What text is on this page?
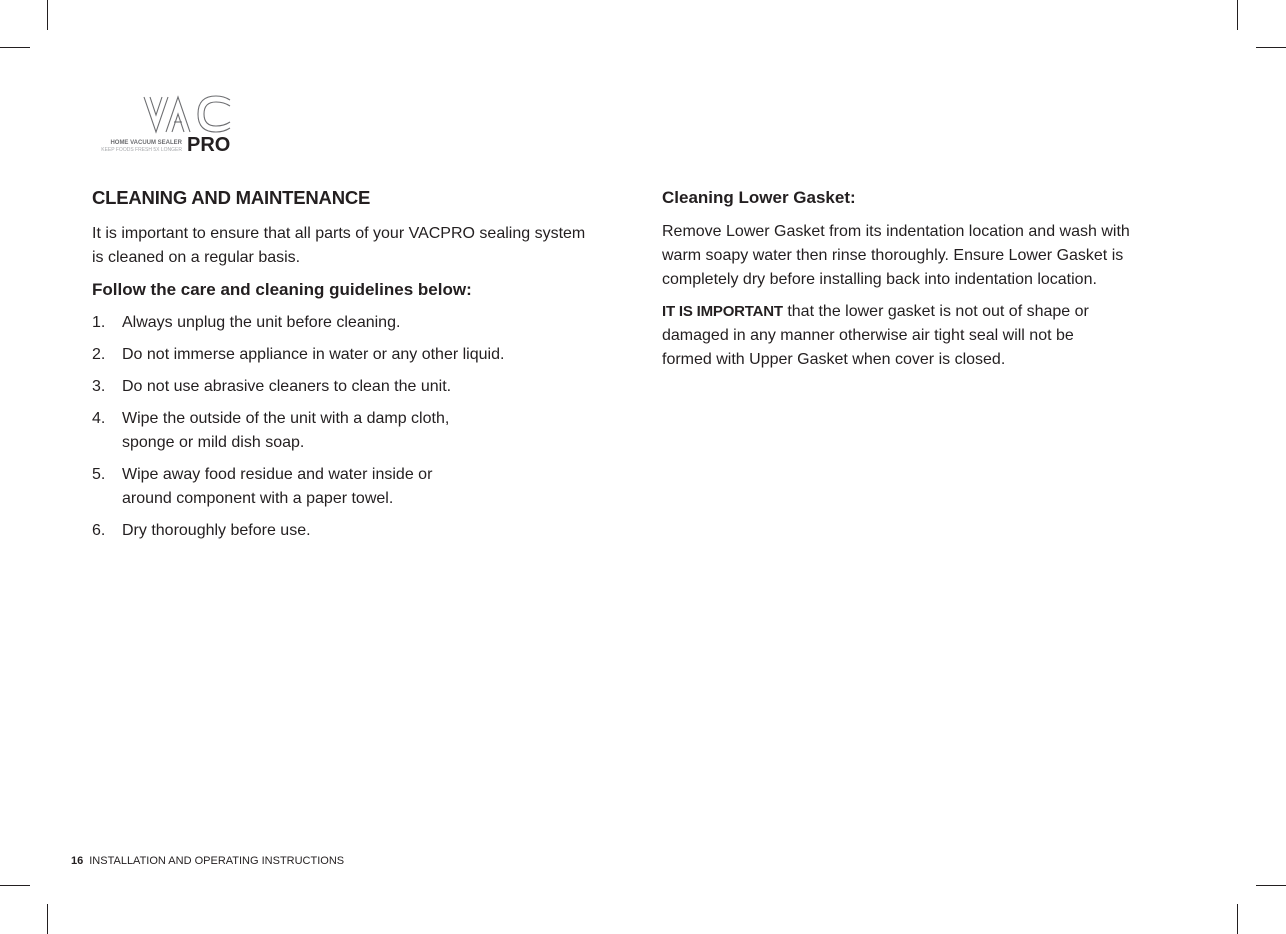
PRO
HOME VACUUM SEALER
KEEP FOODS FRESH 5X LONGER
CLEANING AND MAINTENANCE

It is important to ensure that all parts of your VACPRO sealing system is cleaned on a regular basis.

Follow the care and cleaning guidelines below:
1. Always unplug the unit before cleaning.
2. Do not immerse appliance in water or any other liquid.
3. Do not use abrasive cleaners to clean the unit.
4. Wipe the outside of the unit with a damp cloth,
sponge or mild dish soap.
5. Wipe away food residue and water inside or
around component with a paper towel.
6. Dry thoroughly before use.
Cleaning Lower Gasket:

Remove Lower Gasket from its indentation location and wash with
warm soapy water then rinse thoroughly. Ensure Lower Gasket is
completely dry before installing back into indentation location.

IT IS IMPORTANT that the lower gasket is not out of shape or
damaged in any manner otherwise air tight seal will not be
formed with Upper Gasket when cover is closed.

16 INSTALLATION AND OPERATING INSTRUCTIONS
